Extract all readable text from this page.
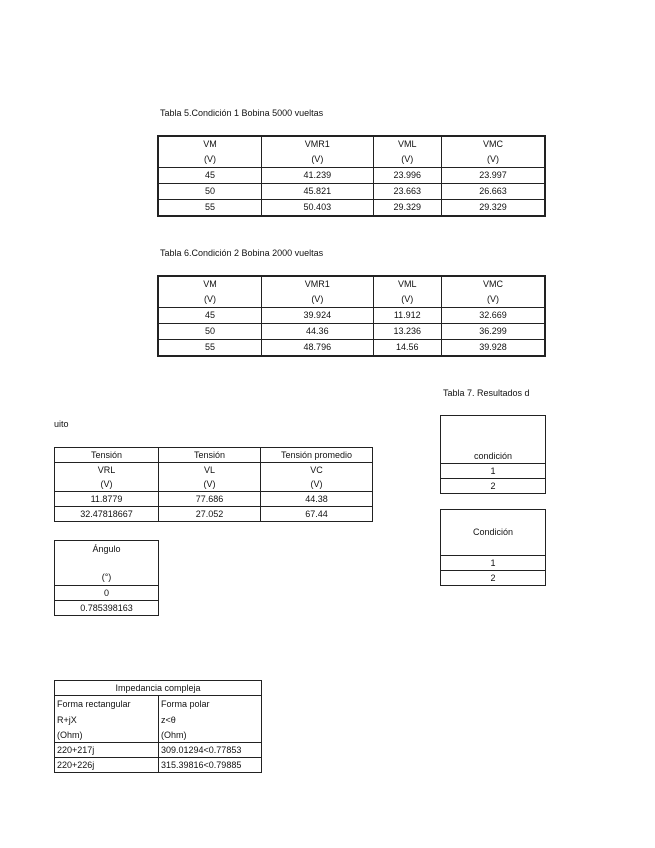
Tabla 5.Condición 1 Bobina 5000 vueltas
VM	VMR1	VML	VMC
(V)	(V)	(V)	(V)
45	41.239	23.996	23.997
50	45.821	23.663	26.663
55	50.403	29.329	29.329
Tabla 6.Condición 2 Bobina 2000 vueltas
VM	VMR1	VML	VMC
(V)	(V)	(V)	(V)
45	39.924	11.912	32.669
50	44.36	13.236	36.299
55	48.796	14.56	39.928
Tabla 7. Resultados d
uito
Tensión	Tensión	Tensión promedio
VRL	VL	VC
(V)	(V)	(V)
11.8779	77.686	44.38
32.47818667	27.052	67.44
Ángulo
(°)
0
0.785398163
condición
1
2
Condición
1
2
Impedancia compleja	
Forma rectangular	Forma polar
R+jX	z<θ
(Ohm)	(Ohm)
220+217j	309.01294<0.77853
220+226j	315.39816<0.79885
